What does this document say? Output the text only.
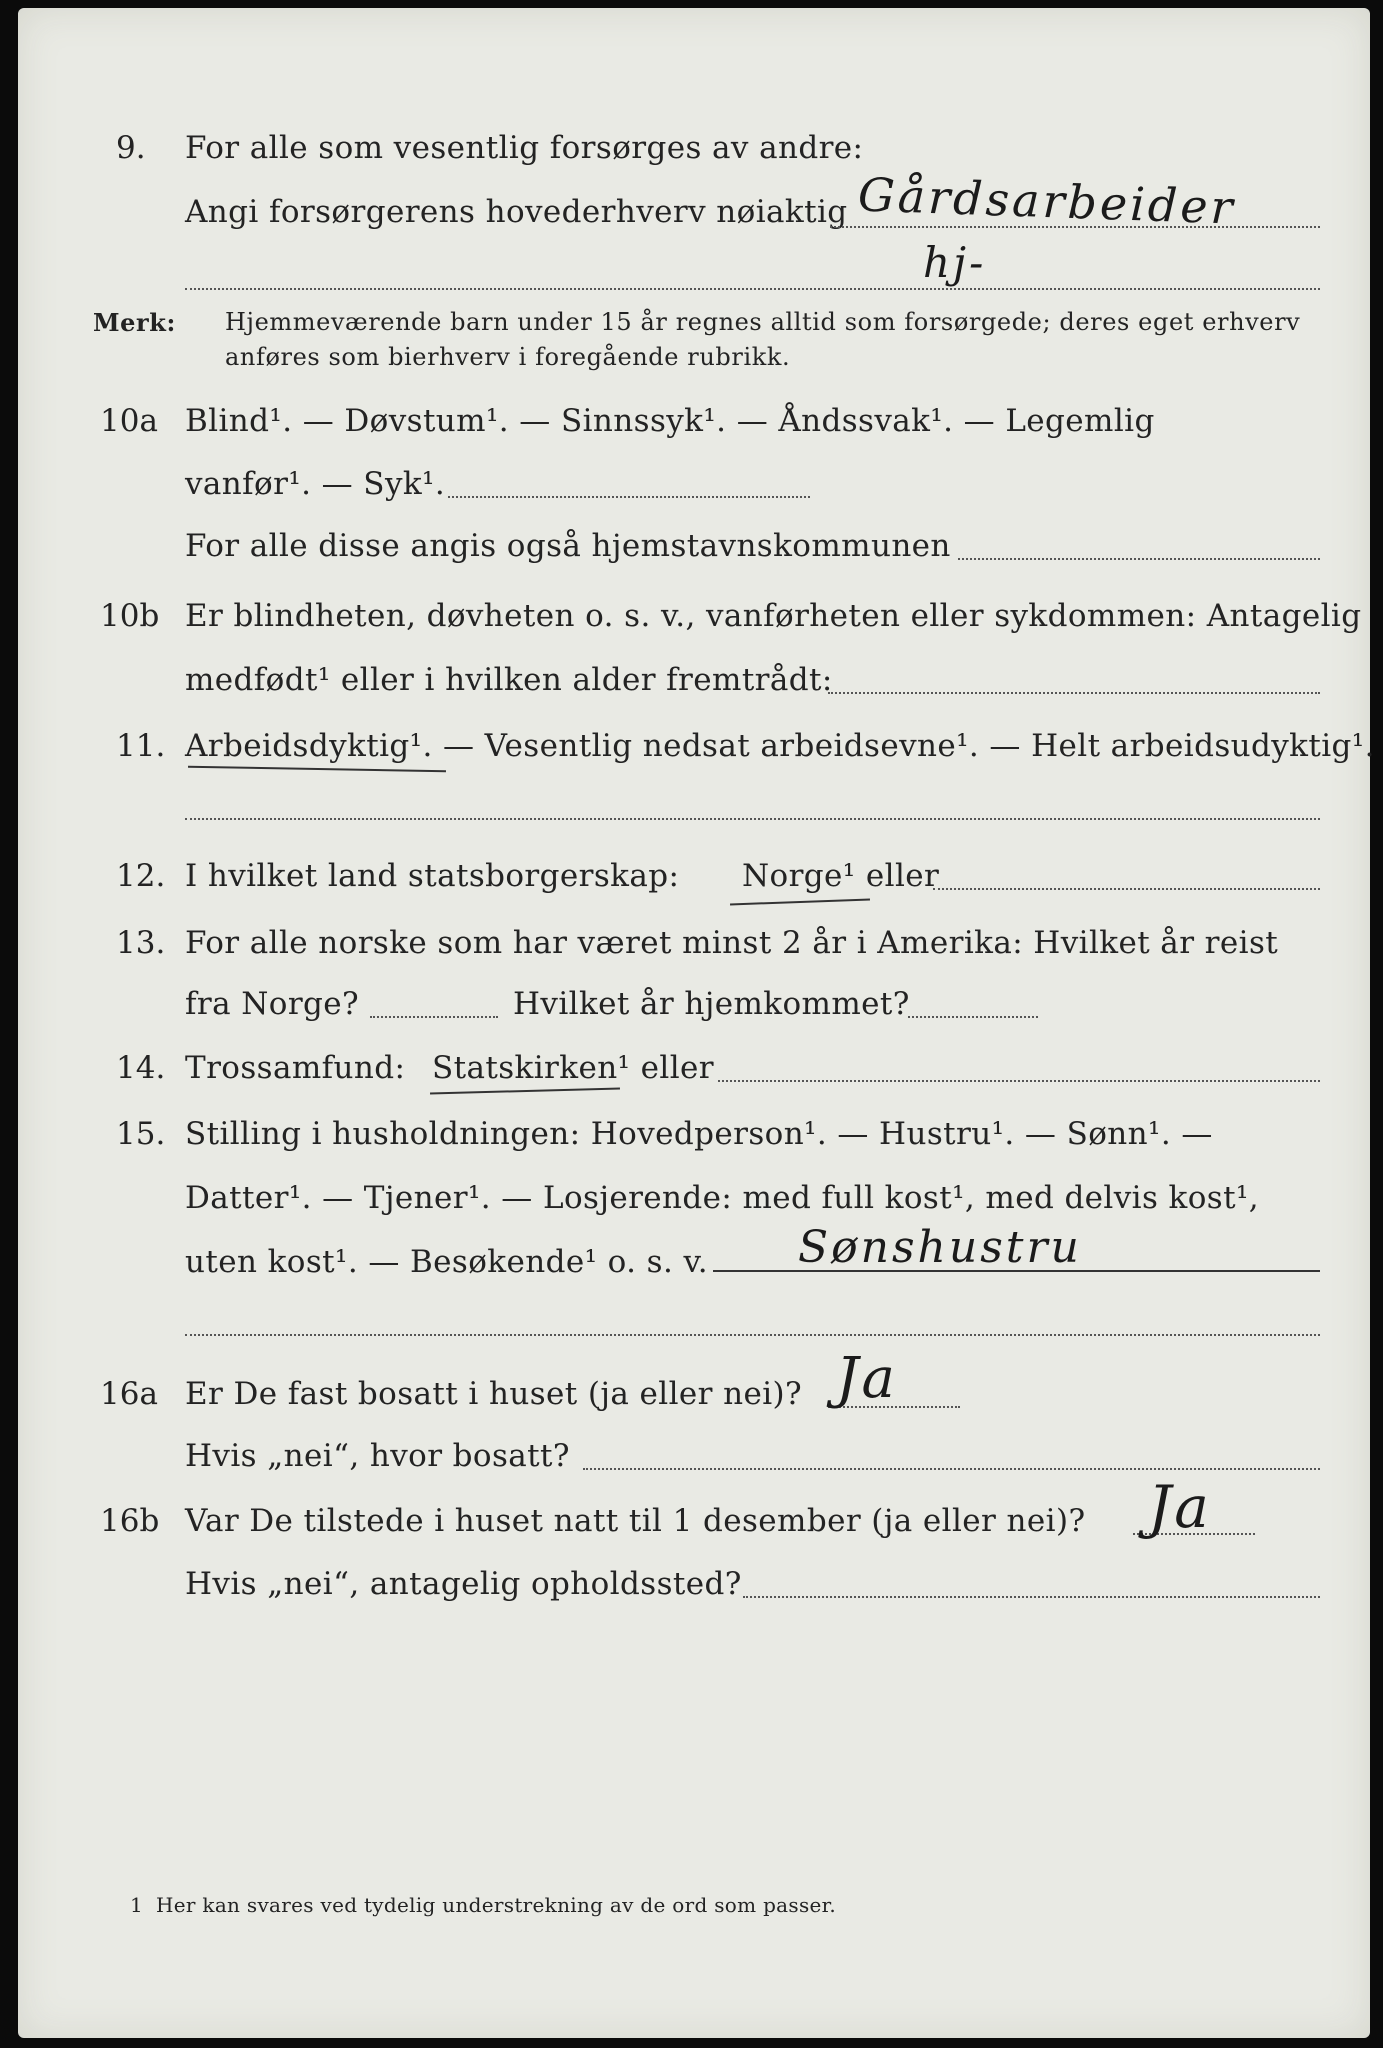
9. For alle som vesentlig forsørges av andre:
Angi forsørgerens hovederhverv nøiaktig Gårdsarbeider
hj-
Merk: Hjemmeværende barn under 15 år regnes alltid som forsørgede; deres eget erhverv
anføres som bierhverv i foregående rubrikk.
10a Blind¹. — Døvstum¹. — Sinnssyk¹. — Åndssvak¹. — Legemlig
vanfør¹. — Syk¹.
For alle disse angis også hjemstavnskommunen
10b Er blindheten, døvheten o. s. v., vanførheten eller sykdommen: Antagelig
medfødt¹ eller i hvilken alder fremtrådt:
11. Arbeidsdyktig¹. — Vesentlig nedsat arbeidsevne¹. — Helt arbeidsudyktig¹.
12. I hvilket land statsborgerskap: Norge¹ eller
13. For alle norske som har været minst 2 år i Amerika: Hvilket år reist
fra Norge?	Hvilket år hjemkommet?
14. Trossamfund: Statskirken¹ eller
15. Stilling i husholdningen: Hovedperson¹. — Hustru¹. — Sønn¹. —
Datter¹. — Tjener¹. — Losjerende: med full kost¹, med delvis kost¹,
uten kost¹. — Besøkende¹ o. s. v. Sønshustru
16a Er De fast bosatt i huset (ja eller nei)? Ja
Hvis „nei“, hvor bosatt?
16b Var De tilstede i huset natt til 1 desember (ja eller nei)? Ja
Hvis „nei“, antagelig opholdssted?
1 Her kan svares ved tydelig understrekning av de ord som passer.
